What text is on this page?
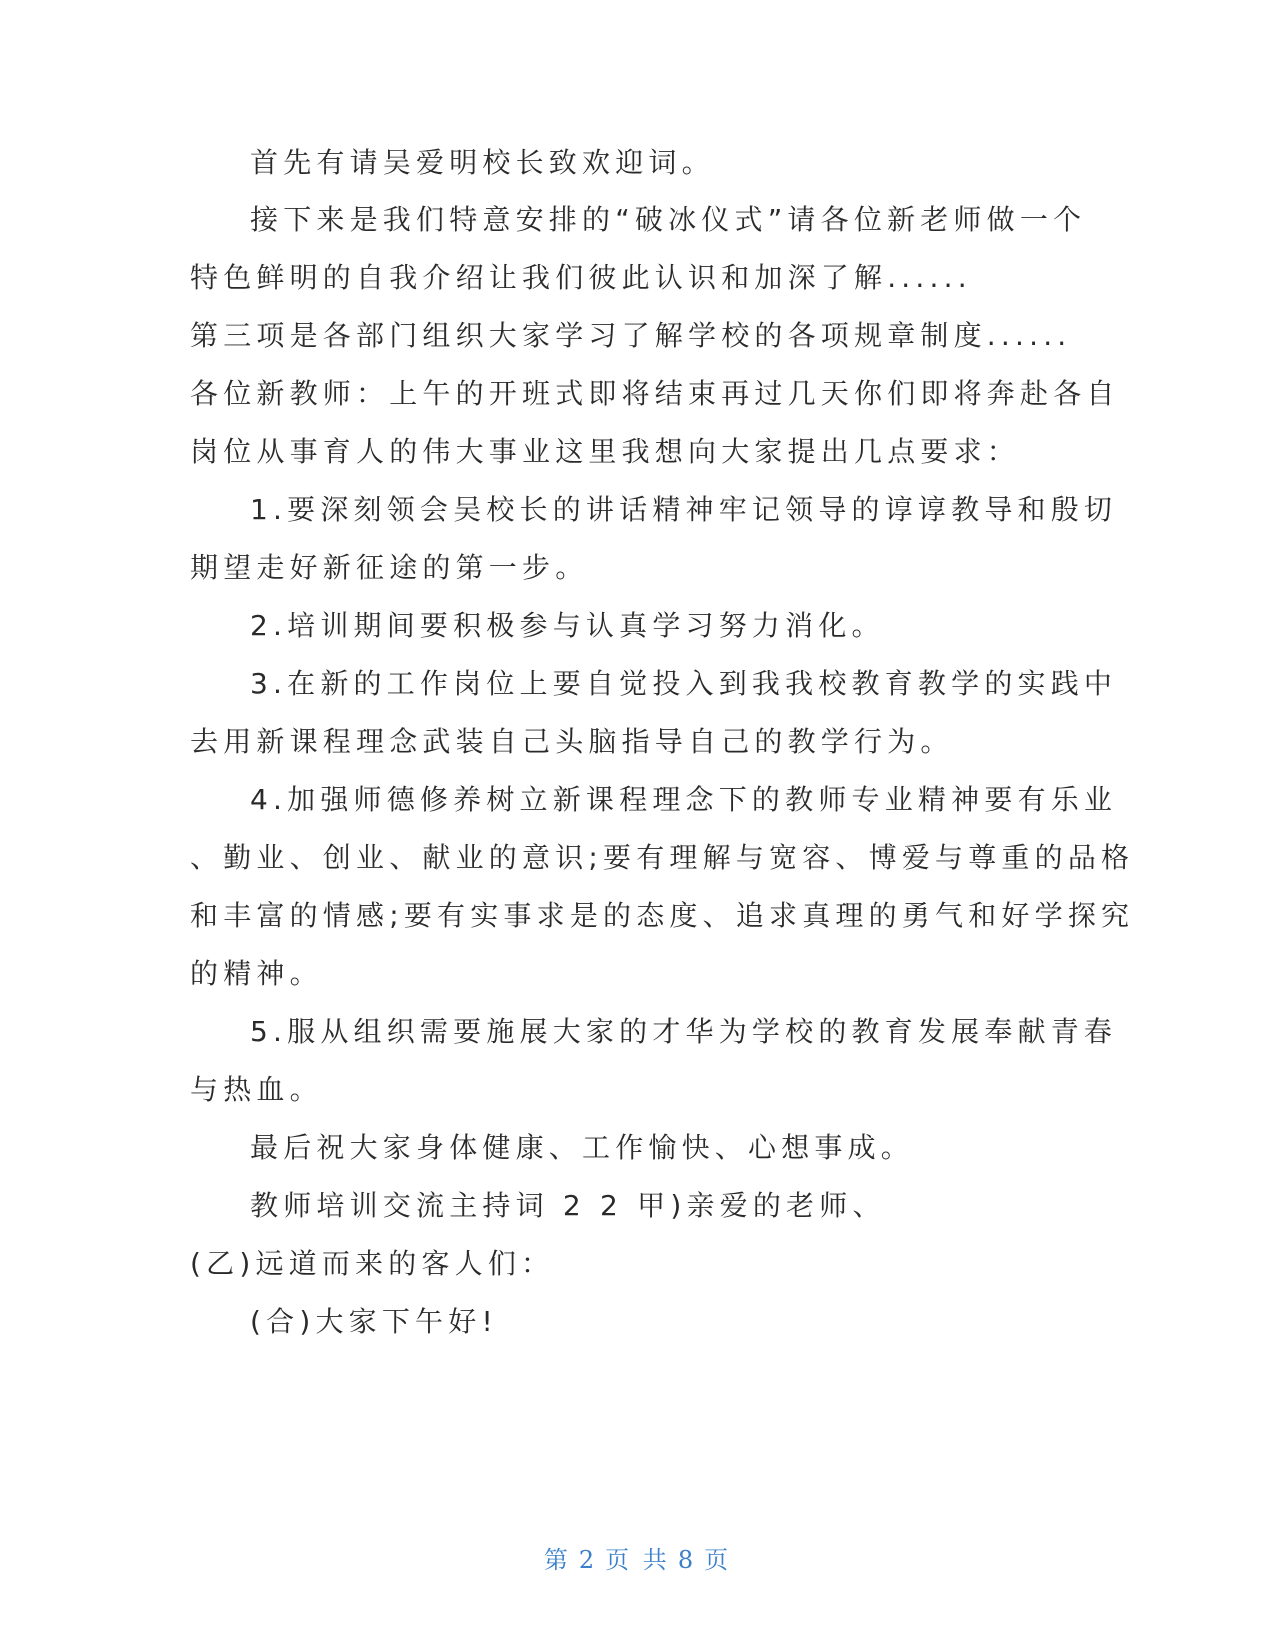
首先有请吴爱明校长致欢迎词。
接下来是我们特意安排的“破冰仪式”请各位新老师做一个
特色鲜明的自我介绍让我们彼此认识和加深了解......
第三项是各部门组织大家学习了解学校的各项规章制度......
各位新教师：上午的开班式即将结束再过几天你们即将奔赴各自
岗位从事育人的伟大事业这里我想向大家提出几点要求：
1.要深刻领会吴校长的讲话精神牢记领导的谆谆教导和殷切
期望走好新征途的第一步。
2.培训期间要积极参与认真学习努力消化。
3.在新的工作岗位上要自觉投入到我我校教育教学的实践中
去用新课程理念武装自己头脑指导自己的教学行为。
4.加强师德修养树立新课程理念下的教师专业精神要有乐业
、勤业、创业、献业的意识;要有理解与宽容、博爱与尊重的品格
和丰富的情感;要有实事求是的态度、追求真理的勇气和好学探究
的精神。
5.服从组织需要施展大家的才华为学校的教育发展奉献青春
与热血。
最后祝大家身体健康、工作愉快、心想事成。
教师培训交流主持词 2 2 甲)亲爱的老师、
(乙)远道而来的客人们：
(合)大家下午好!
第 2 页 共 8 页
